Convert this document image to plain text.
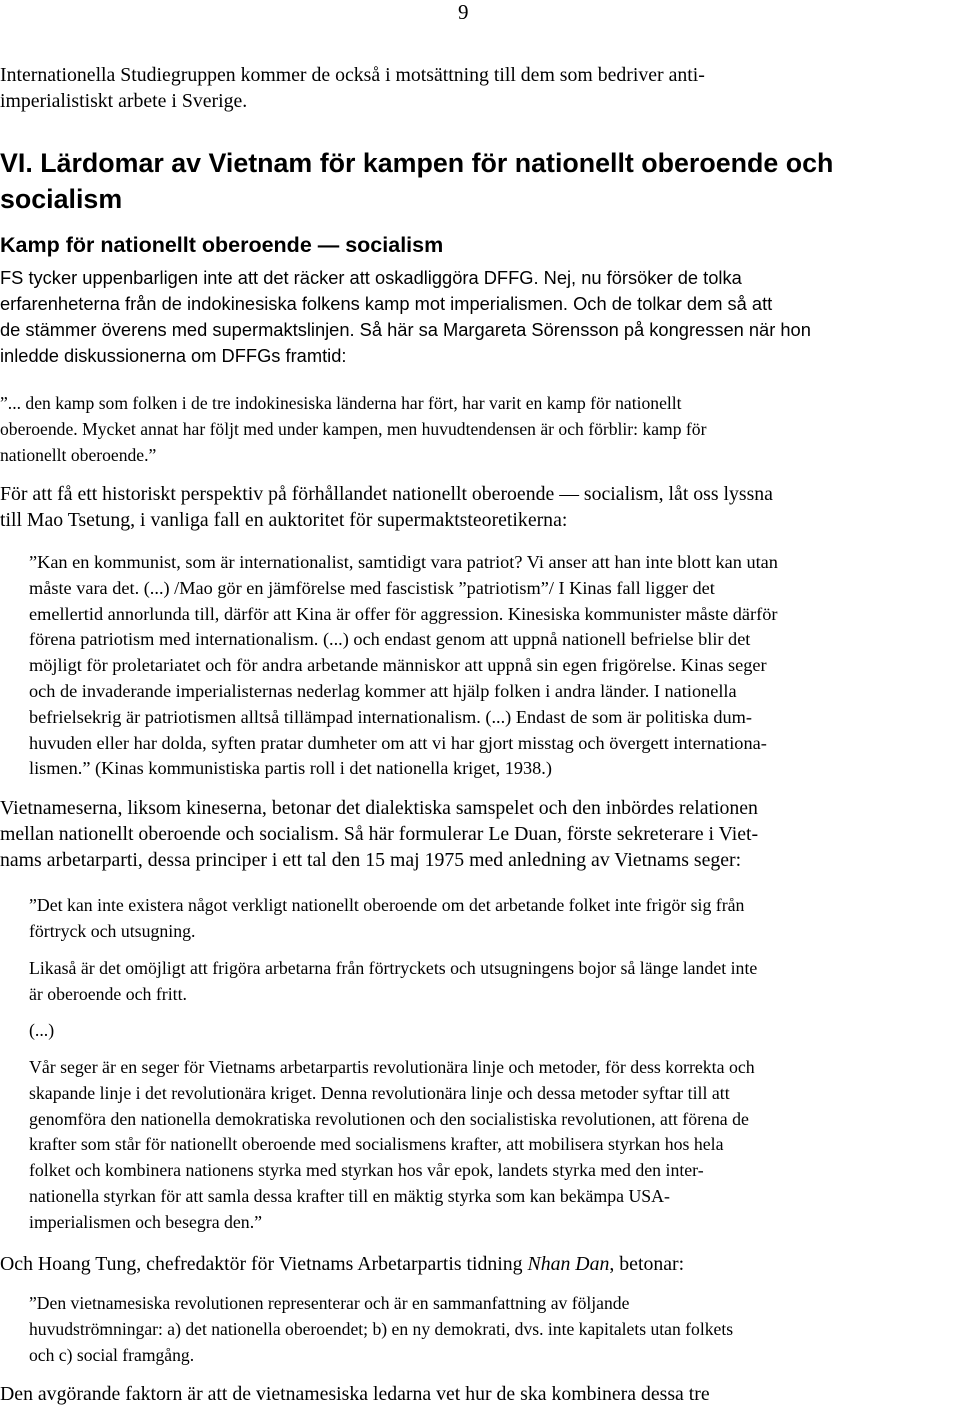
9
Internationella Studiegruppen kommer de också i motsättning till dem som bedriver anti-
imperialistiskt arbete i Sverige.
VI. Lärdomar av Vietnam för kampen för nationellt oberoende och
socialism
Kamp för nationellt oberoende — socialism
FS tycker uppenbarligen inte att det räcker att oskadliggöra DFFG. Nej, nu försöker de tolka
erfarenheterna från de indokinesiska folkens kamp mot imperialismen. Och de tolkar dem så att
de stämmer överens med supermaktslinjen. Så här sa Margareta Sörensson på kongressen när hon
inledde diskussionerna om DFFGs framtid:
”... den kamp som folken i de tre indokinesiska länderna har fört, har varit en kamp för nationellt
oberoende. Mycket annat har följt med under kampen, men huvudtendensen är och förblir: kamp för
nationellt oberoende.”
För att få ett historiskt perspektiv på förhållandet nationellt oberoende — socialism, låt oss lyssna
till Mao Tsetung, i vanliga fall en auktoritet för supermaktsteoretikerna:
”Kan en kommunist, som är internationalist, samtidigt vara patriot? Vi anser att han inte blott kan utan
måste vara det. (...) /Mao gör en jämförelse med fascistisk ”patriotism”/ I Kinas fall ligger det
emellertid annorlunda till, därför att Kina är offer för aggression. Kinesiska kommunister måste därför
förena patriotism med internationalism. (...) och endast genom att uppnå nationell befrielse blir det
möjligt för proletariatet och för andra arbetande människor att uppnå sin egen frigörelse. Kinas seger
och de invaderande imperialisternas nederlag kommer att hjälp folken i andra länder. I nationella
befrielsekrig är patriotismen alltså tillämpad internationalism. (...) Endast de som är politiska dum-
huvuden eller har dolda, syften pratar dumheter om att vi har gjort misstag och övergett internationa-
lismen.” (Kinas kommunistiska partis roll i det nationella kriget, 1938.)
Vietnameserna, liksom kineserna, betonar det dialektiska samspelet och den inbördes relationen
mellan nationellt oberoende och socialism. Så här formulerar Le Duan, förste sekreterare i Viet-
nams arbetarparti, dessa principer i ett tal den 15 maj 1975 med anledning av Vietnams seger:
”Det kan inte existera något verkligt nationellt oberoende om det arbetande folket inte frigör sig från
förtryck och utsugning.
Likaså är det omöjligt att frigöra arbetarna från förtryckets och utsugningens bojor så länge landet inte
är oberoende och fritt.
(...)
Vår seger är en seger för Vietnams arbetarpartis revolutionära linje och metoder, för dess korrekta och
skapande linje i det revolutionära kriget. Denna revolutionära linje och dessa metoder syftar till att
genomföra den nationella demokratiska revolutionen och den socialistiska revolutionen, att förena de
krafter som står för nationellt oberoende med socialismens krafter, att mobilisera styrkan hos hela
folket och kombinera nationens styrka med styrkan hos vår epok, landets styrka med den inter-
nationella styrkan för att samla dessa krafter till en mäktig styrka som kan bekämpa USA-
imperialismen och besegra den.”
Och Hoang Tung, chefredaktör för Vietnams Arbetarpartis tidning Nhan Dan, betonar:
”Den vietnamesiska revolutionen representerar och är en sammanfattning av följande
huvudströmningar: a) det nationella oberoendet; b) en ny demokrati, dvs. inte kapitalets utan folkets
och c) social framgång.
Den avgörande faktorn är att de vietnamesiska ledarna vet hur de ska kombinera dessa tre
